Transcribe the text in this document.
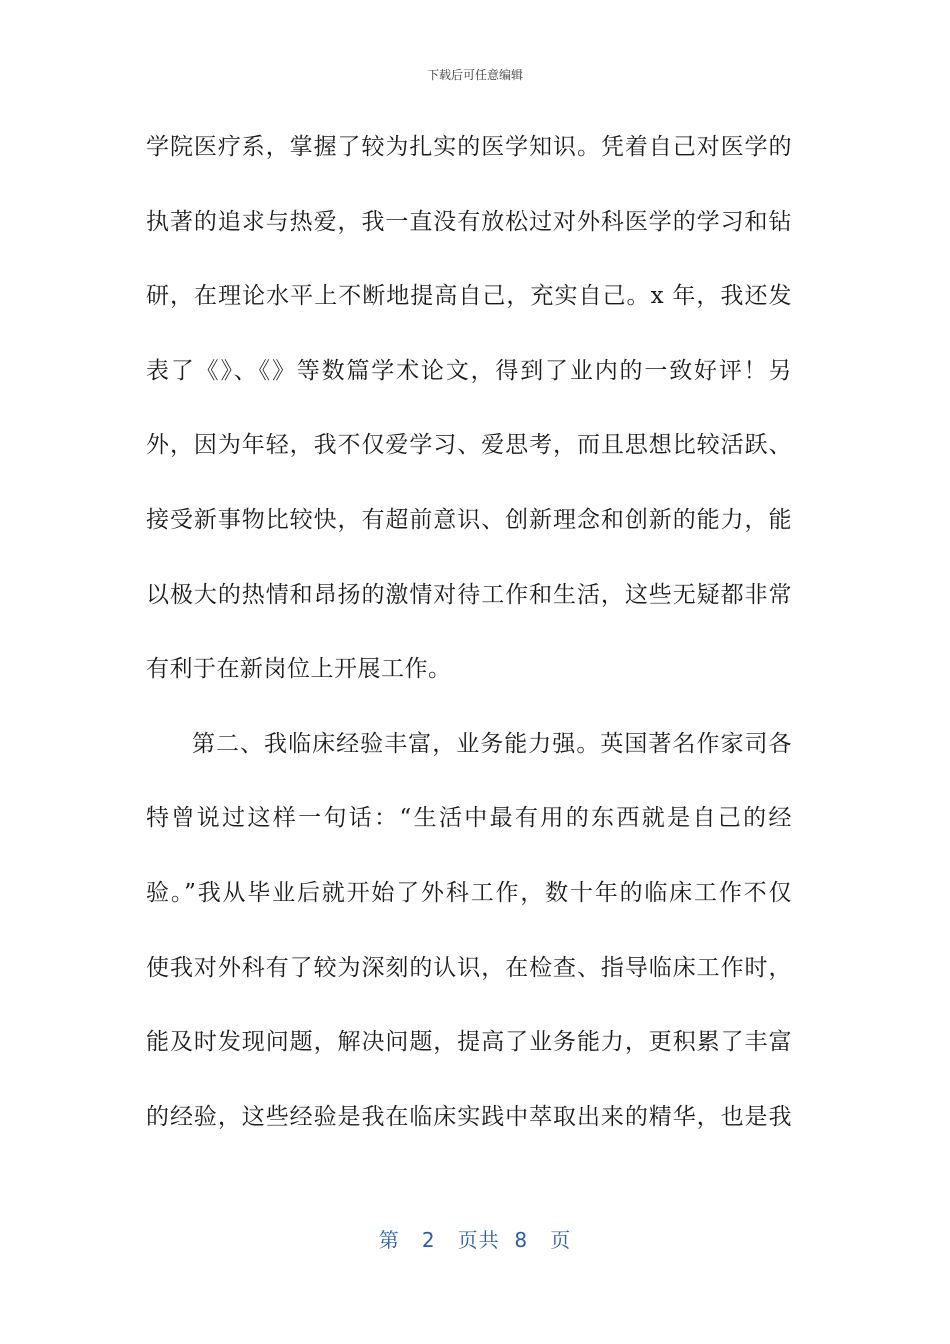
下载后可任意编辑
学院医疗系，掌握了较为扎实的医学知识。凭着自己对医学的
执著的追求与热爱，我一直没有放松过对外科医学的学习和钻
研，在理论水平上不断地提高自己，充实自己。x 年，我还发
表了《》、《》等数篇学术论文，得到了业内的一致好评！另
外，因为年轻，我不仅爱学习、爱思考，而且思想比较活跃、
接受新事物比较快，有超前意识、创新理念和创新的能力，能
以极大的热情和昂扬的激情对待工作和生活，这些无疑都非常
有利于在新岗位上开展工作。
第二、我临床经验丰富，业务能力强。英国著名作家司各
特曾说过这样一句话：“生活中最有用的东西就是自己的经
验。”我从毕业后就开始了外科工作，数十年的临床工作不仅
使我对外科有了较为深刻的认识，在检查、指导临床工作时，
能及时发现问题，解决问题，提高了业务能力，更积累了丰富
的经验，这些经验是我在临床实践中萃取出来的精华，也是我
第 2 页共 8 页
